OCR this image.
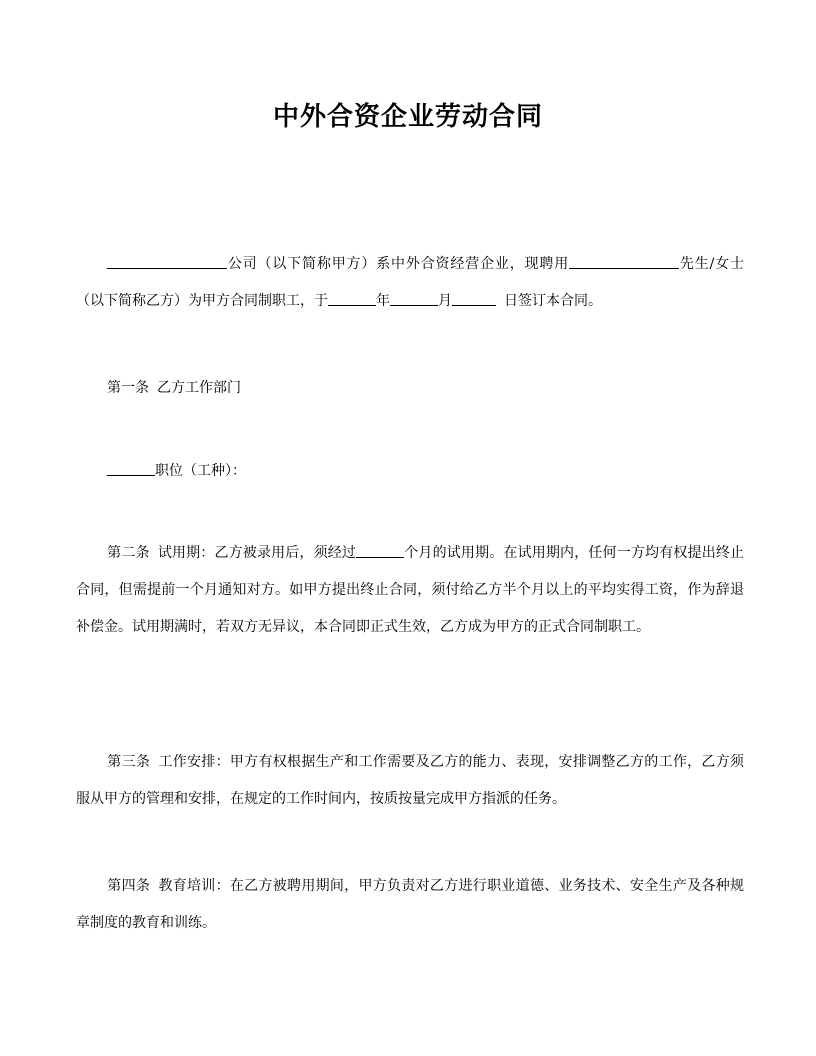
中外合资企业劳动合同

公司（以下简称甲方）系中外合资经营企业，现聘用	先生/女士（以下简称乙方）为甲方合同制职工，于	年	月	日签订本合同。

第一条 乙方工作部门

职位（工种）：

第二条 试用期：乙方被录用后，须经过	个月的试用期。在试用期内，任何一方均有权提出终止合同，但需提前一个月通知对方。如甲方提出终止合同，须付给乙方半个月以上的平均实得工资，作为辞退补偿金。试用期满时，若双方无异议，本合同即正式生效，乙方成为甲方的正式合同制职工。

第三条 工作安排：甲方有权根据生产和工作需要及乙方的能力、表现，安排调整乙方的工作，乙方须服从甲方的管理和安排，在规定的工作时间内，按质按量完成甲方指派的任务。

第四条 教育培训：在乙方被聘用期间，甲方负责对乙方进行职业道德、业务技术、安全生产及各种规章制度的教育和训练。
